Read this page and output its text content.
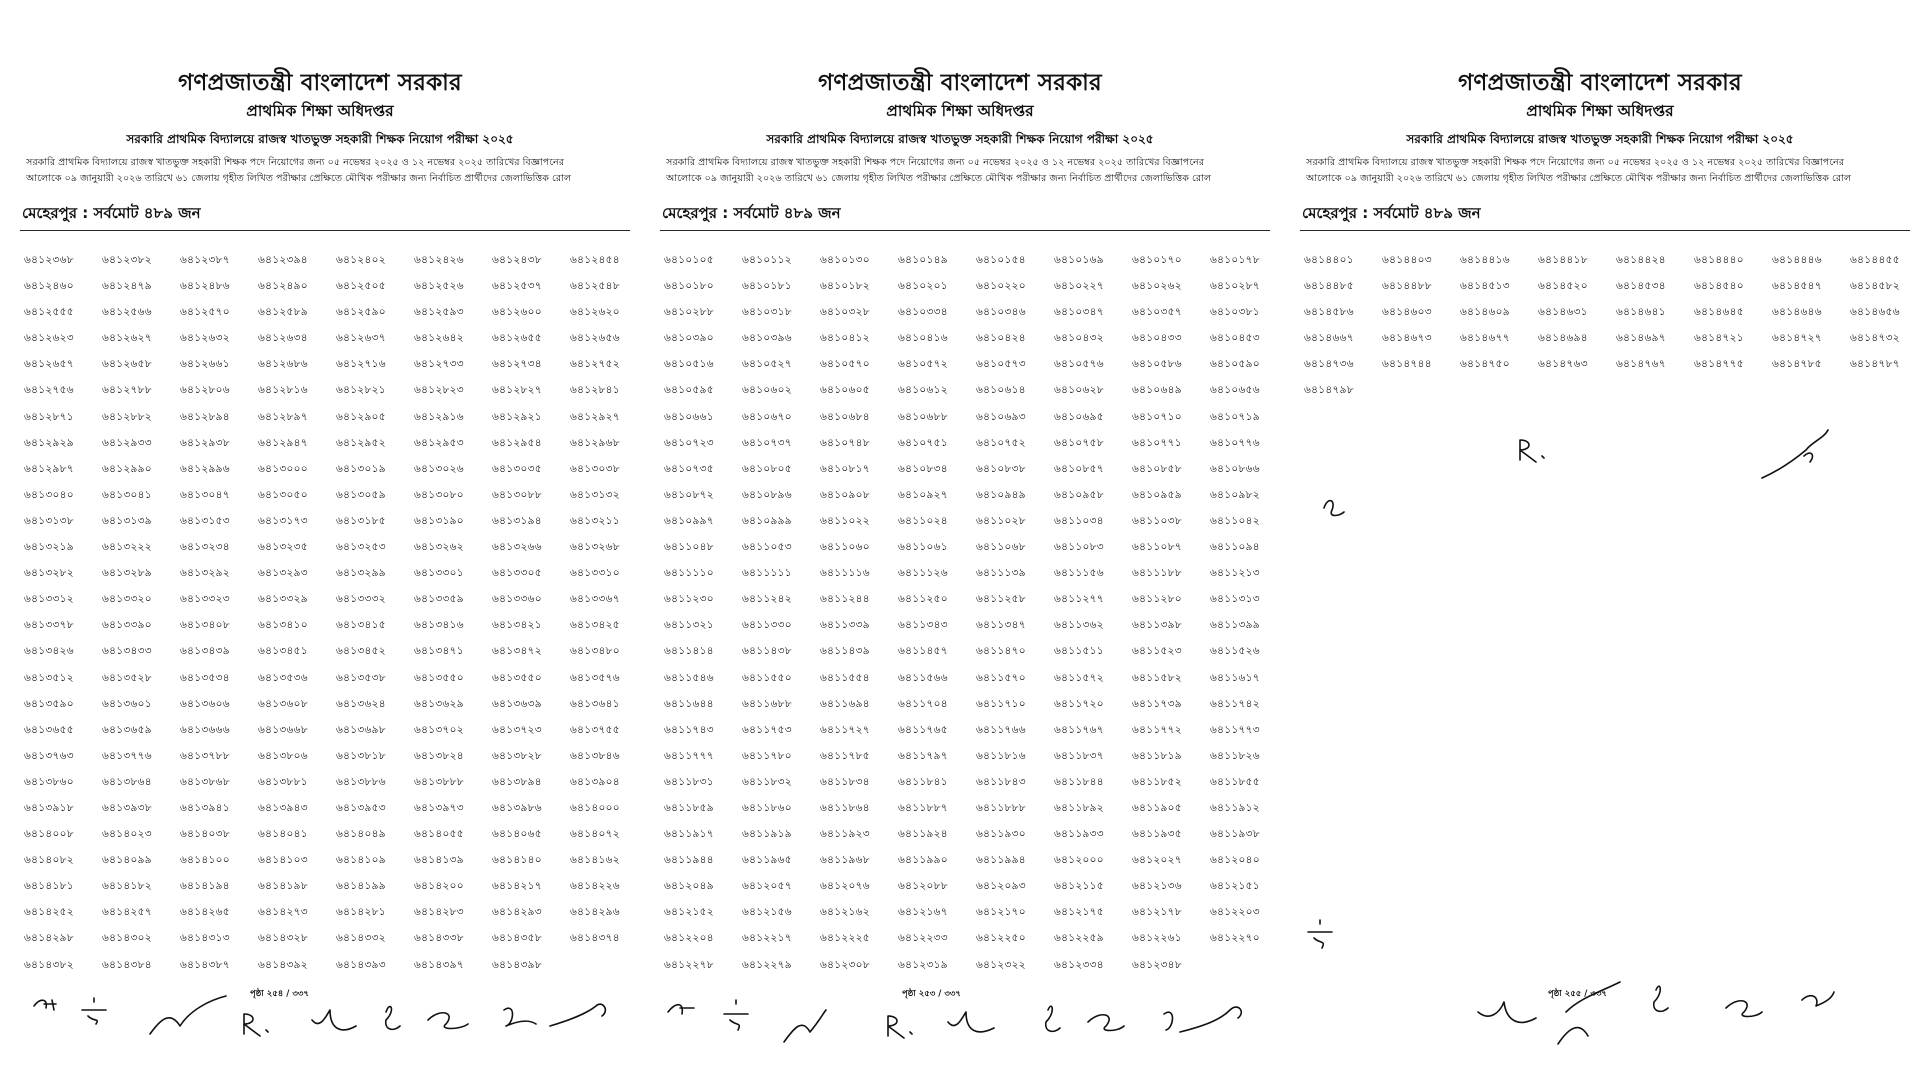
গণপ্রজাতন্ত্রী বাংলাদেশ সরকার
প্রাথমিক শিক্ষা অধিদপ্তর
সরকারি প্রাথমিক বিদ্যালয়ে রাজস্ব খাতভুক্ত সহকারী শিক্ষক নিয়োগ পরীক্ষা ২০২৫
সরকারি প্রাথমিক বিদ্যালয়ে রাজস্ব খাতভুক্ত সহকারী শিক্ষক পদে নিয়োগের জন্য ০৫ নভেম্বর ২০২৫ ও ১২ নভেম্বর ২০২৫ তারিখের বিজ্ঞাপনের
আলোকে ০৯ জানুয়ারী ২০২৬ তারিখে ৬১ জেলায় গৃহীত লিখিত পরীক্ষার প্রেক্ষিতে মৌখিক পরীক্ষার জন্য নির্বাচিত প্রার্থীদের জেলাভিত্তিক রোল
মেহেরপুর : সর্বমোট ৪৮৯ জন
৬৪১২৩৬৮	৬৪১২৩৮২	৬৪১২৩৮৭	৬৪১২৩৯৪	৬৪১২৪০২	৬৪১২৪২৬	৬৪১২৪৩৮	৬৪১২৪৫৪
৬৪১২৪৬০	৬৪১২৪৭৯	৬৪১২৪৮৬	৬৪১২৪৯০	৬৪১২৫০৫	৬৪১২৫২৬	৬৪১২৫৩৭	৬৪১২৫৪৮
৬৪১২৫৫৫	৬৪১২৫৬৬	৬৪১২৫৭০	৬৪১২৫৮৯	৬৪১২৫৯০	৬৪১২৫৯৩	৬৪১২৬০০	৬৪১২৬২০
৬৪১২৬২৩	৬৪১২৬২৭	৬৪১২৬৩২	৬৪১২৬৩৪	৬৪১২৬৩৭	৬৪১২৬৪২	৬৪১২৬৫৫	৬৪১২৬৫৬
৬৪১২৬৫৭	৬৪১২৬৫৮	৬৪১২৬৬১	৬৪১২৬৮৬	৬৪১২৭১৬	৬৪১২৭৩৩	৬৪১২৭৩৪	৬৪১২৭৫২
৬৪১২৭৫৬	৬৪১২৭৮৮	৬৪১২৮০৬	৬৪১২৮১৬	৬৪১২৮২১	৬৪১২৮২৩	৬৪১২৮২৭	৬৪১২৮৪১
৬৪১২৮৭১	৬৪১২৮৮২	৬৪১২৮৯৪	৬৪১২৮৯৭	৬৪১২৯০৫	৬৪১২৯১৬	৬৪১২৯২১	৬৪১২৯২৭
৬৪১২৯২৯	৬৪১২৯৩৩	৬৪১২৯৩৮	৬৪১২৯৪৭	৬৪১২৯৫২	৬৪১২৯৫৩	৬৪১২৯৫৪	৬৪১২৯৬৮
৬৪১২৯৮৭	৬৪১২৯৯০	৬৪১২৯৯৬	৬৪১৩০০০	৬৪১৩০১৯	৬৪১৩০২৬	৬৪১৩০৩৫	৬৪১৩০৩৮
৬৪১৩০৪০	৬৪১৩০৪১	৬৪১৩০৪৭	৬৪১৩০৫০	৬৪১৩০৫৯	৬৪১৩০৮০	৬৪১৩০৮৮	৬৪১৩১৩২
৬৪১৩১৩৮	৬৪১৩১৩৯	৬৪১৩১৫৩	৬৪১৩১৭৩	৬৪১৩১৮৫	৬৪১৩১৯০	৬৪১৩১৯৪	৬৪১৩২১১
৬৪১৩২১৯	৬৪১৩২২২	৬৪১৩২৩৪	৬৪১৩২৩৫	৬৪১৩২৫৩	৬৪১৩২৬২	৬৪১৩২৬৬	৬৪১৩২৬৮
৬৪১৩২৮২	৬৪১৩২৮৯	৬৪১৩২৯২	৬৪১৩২৯৩	৬৪১৩২৯৯	৬৪১৩৩০১	৬৪১৩৩০৫	৬৪১৩৩১০
৬৪১৩৩১২	৬৪১৩৩২০	৬৪১৩৩২৩	৬৪১৩৩২৯	৬৪১৩৩৩২	৬৪১৩৩৫৯	৬৪১৩৩৬০	৬৪১৩৩৬৭
৬৪১৩৩৭৮	৬৪১৩৩৯০	৬৪১৩৪০৮	৬৪১৩৪১০	৬৪১৩৪১৫	৬৪১৩৪১৬	৬৪১৩৪২১	৬৪১৩৪২৫
৬৪১৩৪২৬	৬৪১৩৪৩৩	৬৪১৩৪৩৯	৬৪১৩৪৫১	৬৪১৩৪৫২	৬৪১৩৪৭১	৬৪১৩৪৭২	৬৪১৩৪৮০
৬৪১৩৫১২	৬৪১৩৫২৮	৬৪১৩৫৩৪	৬৪১৩৫৩৬	৬৪১৩৫৩৮	৬৪১৩৫৫০	৬৪১৩৫৫০	৬৪১৩৫৭৬
৬৪১৩৫৯০	৬৪১৩৬০১	৬৪১৩৬০৬	৬৪১৩৬০৮	৬৪১৩৬২৪	৬৪১৩৬২৯	৬৪১৩৬৩৯	৬৪১৩৬৪১
৬৪১৩৬৫৫	৬৪১৩৬৫৯	৬৪১৩৬৬৬	৬৪১৩৬৬৮	৬৪১৩৬৯৮	৬৪১৩৭০২	৬৪১৩৭২৩	৬৪১৩৭৫৫
৬৪১৩৭৬৩	৬৪১৩৭৭৬	৬৪১৩৭৮৮	৬৪১৩৮০৬	৬৪১৩৮১৮	৬৪১৩৮২৪	৬৪১৩৮২৮	৬৪১৩৮৪৬
৬৪১৩৮৬০	৬৪১৩৮৬৪	৬৪১৩৮৬৮	৬৪১৩৮৮১	৬৪১৩৮৮৬	৬৪১৩৮৮৮	৬৪১৩৮৯৪	৬৪১৩৯০৪
৬৪১৩৯১৮	৬৪১৩৯৩৮	৬৪১৩৯৪১	৬৪১৩৯৪৩	৬৪১৩৯৫৩	৬৪১৩৯৭৩	৬৪১৩৯৮৬	৬৪১৪০০০
৬৪১৪০০৮	৬৪১৪০২৩	৬৪১৪০৩৮	৬৪১৪০৪১	৬৪১৪০৪৯	৬৪১৪০৫৫	৬৪১৪০৬৫	৬৪১৪০৭২
৬৪১৪০৮২	৬৪১৪০৯৯	৬৪১৪১০০	৬৪১৪১০৩	৬৪১৪১০৯	৬৪১৪১৩৯	৬৪১৪১৪০	৬৪১৪১৬২
৬৪১৪১৮১	৬৪১৪১৮২	৬৪১৪১৯৪	৬৪১৪১৯৮	৬৪১৪১৯৯	৬৪১৪২০০	৬৪১৪২১৭	৬৪১৪২২৬
৬৪১৪২৫২	৬৪১৪২৫৭	৬৪১৪২৬৫	৬৪১৪২৭৩	৬৪১৪২৮১	৬৪১৪২৮৩	৬৪১৪২৯৩	৬৪১৪২৯৬
৬৪১৪২৯৮	৬৪১৪৩০২	৬৪১৪৩১৩	৬৪১৪৩২৮	৬৪১৪৩৩২	৬৪১৪৩৩৮	৬৪১৪৩৫৮	৬৪১৪৩৭৪
৬৪১৪৩৮২	৬৪১৪৩৮৪	৬৪১৪৩৮৭	৬৪১৪৩৯২	৬৪১৪৩৯৩	৬৪১৪৩৯৭	৬৪১৪৩৯৮
পৃষ্ঠা ২৫৪ / ৩৩৭
গণপ্রজাতন্ত্রী বাংলাদেশ সরকার
প্রাথমিক শিক্ষা অধিদপ্তর
সরকারি প্রাথমিক বিদ্যালয়ে রাজস্ব খাতভুক্ত সহকারী শিক্ষক নিয়োগ পরীক্ষা ২০২৫
সরকারি প্রাথমিক বিদ্যালয়ে রাজস্ব খাতভুক্ত সহকারী শিক্ষক পদে নিয়োগের জন্য ০৫ নভেম্বর ২০২৫ ও ১২ নভেম্বর ২০২৫ তারিখের বিজ্ঞাপনের
আলোকে ০৯ জানুয়ারী ২০২৬ তারিখে ৬১ জেলায় গৃহীত লিখিত পরীক্ষার প্রেক্ষিতে মৌখিক পরীক্ষার জন্য নির্বাচিত প্রার্থীদের জেলাভিত্তিক রোল
মেহেরপুর : সর্বমোট ৪৮৯ জন
৬৪১০১০৫	৬৪১০১১২	৬৪১০১৩০	৬৪১০১৪৯	৬৪১০১৫৪	৬৪১০১৬৯	৬৪১০১৭০	৬৪১০১৭৮
৬৪১০১৮০	৬৪১০১৮১	৬৪১০১৮২	৬৪১০২০১	৬৪১০২২০	৬৪১০২২৭	৬৪১০২৬২	৬৪১০২৮৭
৬৪১০২৮৮	৬৪১০৩১৮	৬৪১০৩২৮	৬৪১০৩৩৪	৬৪১০৩৪৬	৬৪১০৩৪৭	৬৪১০৩৫৭	৬৪১০৩৮১
৬৪১০৩৯০	৬৪১০৩৯৬	৬৪১০৪১২	৬৪১০৪১৬	৬৪১০৪২৪	৬৪১০৪৩২	৬৪১০৪৩৩	৬৪১০৪৫৩
৬৪১০৫১৬	৬৪১০৫২৭	৬৪১০৫৭০	৬৪১০৫৭২	৬৪১০৫৭৩	৬৪১০৫৭৬	৬৪১০৫৮৬	৬৪১০৫৯০
৬৪১০৫৯৫	৬৪১০৬০২	৬৪১০৬০৫	৬৪১০৬১২	৬৪১০৬১৪	৬৪১০৬২৮	৬৪১০৬৪৯	৬৪১০৬৫৬
৬৪১০৬৬১	৬৪১০৬৭০	৬৪১০৬৮৪	৬৪১০৬৮৮	৬৪১০৬৯৩	৬৪১০৬৯৫	৬৪১০৭১০	৬৪১০৭১৯
৬৪১০৭২৩	৬৪১০৭৩৭	৬৪১০৭৪৮	৬৪১০৭৫১	৬৪১০৭৫২	৬৪১০৭৫৮	৬৪১০৭৭১	৬৪১০৭৭৬
৬৪১০৭৩৫	৬৪১০৮০৫	৬৪১০৮১৭	৬৪১০৮৩৪	৬৪১০৮৩৮	৬৪১০৮৫৭	৬৪১০৮৫৮	৬৪১০৮৬৬
৬৪১০৮৭২	৬৪১০৮৯৬	৬৪১০৯০৮	৬৪১০৯২৭	৬৪১০৯৪৯	৬৪১০৯৫৮	৬৪১০৯৫৯	৬৪১০৯৮২
৬৪১০৯৯৭	৬৪১০৯৯৯	৬৪১১০২২	৬৪১১০২৪	৬৪১১০২৮	৬৪১১০৩৪	৬৪১১০৩৮	৬৪১১০৪২
৬৪১১০৪৮	৬৪১১০৫৩	৬৪১১০৬০	৬৪১১০৬১	৬৪১১০৬৮	৬৪১১০৮৩	৬৪১১০৮৭	৬৪১১০৯৪
৬৪১১১১০	৬৪১১১১১	৬৪১১১১৬	৬৪১১১২৬	৬৪১১১৩৯	৬৪১১১৫৬	৬৪১১১৮৮	৬৪১১২১৩
৬৪১১২৩০	৬৪১১২৪২	৬৪১১২৪৪	৬৪১১২৫০	৬৪১১২৫৮	৬৪১১২৭৭	৬৪১১২৮০	৬৪১১৩১৩
৬৪১১৩২১	৬৪১১৩৩০	৬৪১১৩৩৯	৬৪১১৩৪৩	৬৪১১৩৪৭	৬৪১১৩৬২	৬৪১১৩৯৮	৬৪১১৩৯৯
৬৪১১৪১৪	৬৪১১৪৩৮	৬৪১১৪৩৯	৬৪১১৪৫৭	৬৪১১৪৭০	৬৪১১৫১১	৬৪১১৫২৩	৬৪১১৫২৬
৬৪১১৫৪৬	৬৪১১৫৫০	৬৪১১৫৫৪	৬৪১১৫৬৬	৬৪১১৫৭০	৬৪১১৫৭২	৬৪১১৫৮২	৬৪১১৬১৭
৬৪১১৬৪৪	৬৪১১৬৮৮	৬৪১১৬৯৪	৬৪১১৭০৪	৬৪১১৭১০	৬৪১১৭২০	৬৪১১৭৩৯	৬৪১১৭৪২
৬৪১১৭৪৩	৬৪১১৭৫৩	৬৪১১৭২৭	৬৪১১৭৬৫	৬৪১১৭৬৬	৬৪১১৭৬৭	৬৪১১৭৭২	৬৪১১৭৭৩
৬৪১১৭৭৭	৬৪১১৭৮০	৬৪১১৭৮৫	৬৪১১৭৯৭	৬৪১১৮১৬	৬৪১১৮৩৭	৬৪১১৮১৯	৬৪১১৮২৬
৬৪১১৮৩১	৬৪১১৮৩২	৬৪১১৮৩৪	৬৪১১৮৪১	৬৪১১৮৪৩	৬৪১১৮৪৪	৬৪১১৮৫২	৬৪১১৮৫৫
৬৪১১৮৫৯	৬৪১১৮৬০	৬৪১১৮৬৪	৬৪১১৮৮৭	৬৪১১৮৮৮	৬৪১১৮৯২	৬৪১১৯০৫	৬৪১১৯১২
৬৪১১৯১৭	৬৪১১৯১৯	৬৪১১৯২৩	৬৪১১৯২৪	৬৪১১৯৩০	৬৪১১৯৩৩	৬৪১১৯৩৫	৬৪১১৯৩৮
৬৪১১৯৪৪	৬৪১১৯৬৫	৬৪১১৯৬৮	৬৪১১৯৯০	৬৪১১৯৯৪	৬৪১২০০০	৬৪১২০২৭	৬৪১২০৪০
৬৪১২০৪৯	৬৪১২০৫৭	৬৪১২০৭৬	৬৪১২০৮৮	৬৪১২০৯৩	৬৪১২১১৫	৬৪১২১৩৬	৬৪১২১৫১
৬৪১২১৫২	৬৪১২১৫৬	৬৪১২১৬২	৬৪১২১৬৭	৬৪১২১৭০	৬৪১২১৭৫	৬৪১২১৭৮	৬৪১২২০৩
৬৪১২২০৪	৬৪১২২১৭	৬৪১২২২৫	৬৪১২২৩৩	৬৪১২২৫০	৬৪১২২৫৯	৬৪১২২৬১	৬৪১২২৭০
৬৪১২২৭৮	৬৪১২২৭৯	৬৪১২৩০৮	৬৪১২৩১৯	৬৪১২৩২২	৬৪১২৩৩৪	৬৪১২৩৪৮
পৃষ্ঠা ২৫৩ / ৩৩৭
গণপ্রজাতন্ত্রী বাংলাদেশ সরকার
প্রাথমিক শিক্ষা অধিদপ্তর
সরকারি প্রাথমিক বিদ্যালয়ে রাজস্ব খাতভুক্ত সহকারী শিক্ষক নিয়োগ পরীক্ষা ২০২৫
সরকারি প্রাথমিক বিদ্যালয়ে রাজস্ব খাতভুক্ত সহকারী শিক্ষক পদে নিয়োগের জন্য ০৫ নভেম্বর ২০২৫ ও ১২ নভেম্বর ২০২৫ তারিখের বিজ্ঞাপনের
আলোকে ০৯ জানুয়ারী ২০২৬ তারিখে ৬১ জেলায় গৃহীত লিখিত পরীক্ষার প্রেক্ষিতে মৌখিক পরীক্ষার জন্য নির্বাচিত প্রার্থীদের জেলাভিত্তিক রোল
মেহেরপুর : সর্বমোট ৪৮৯ জন
৬৪১৪৪০১	৬৪১৪৪০৩	৬৪১৪৪১৬	৬৪১৪৪১৮	৬৪১৪৪২৪	৬৪১৪৪৪০	৬৪১৪৪৪৬	৬৪১৪৪৫৫
৬৪১৪৪৮৫	৬৪১৪৪৮৮	৬৪১৪৫১৩	৬৪১৪৫২০	৬৪১৪৫৩৪	৬৪১৪৫৪০	৬৪১৪৫৪৭	৬৪১৪৫৮২
৬৪১৪৫৮৬	৬৪১৪৬০৩	৬৪১৪৬০৯	৬৪১৪৬৩১	৬৪১৪৬৪১	৬৪১৪৬৪৫	৬৪১৪৬৪৬	৬৪১৪৬৫৬
৬৪১৪৬৬৭	৬৪১৪৬৭৩	৬৪১৪৬৭৭	৬৪১৪৬৯৪	৬৪১৪৬৯৭	৬৪১৪৭২১	৬৪১৪৭২৭	৬৪১৪৭৩২
৬৪১৪৭৩৬	৬৪১৪৭৪৪	৬৪১৪৭৫০	৬৪১৪৭৬৩	৬৪১৪৭৬৭	৬৪১৪৭৭৫	৬৪১৪৭৮৫	৬৪১৪৭৮৭
৬৪১৪৭৯৮
পৃষ্ঠা ২৫৫ / ৩৩৭
